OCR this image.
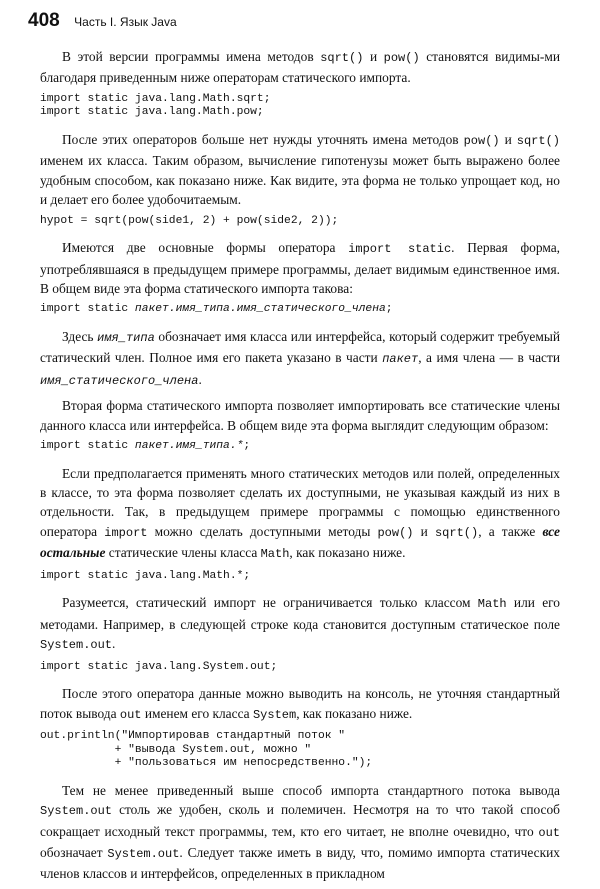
408 Часть I. Язык Java

В этой версии программы имена методов sqrt() и pow() становятся видимы-ми благодаря приведенным ниже операторам статического импорта.

import static java.lang.Math.sqrt;
import static java.lang.Math.pow;

После этих операторов больше нет нужды уточнять имена методов pow() и sqrt() именем их класса. Таким образом, вычисление гипотенузы может быть выражено более удобным способом, как показано ниже. Как видите, эта форма не только упрощает код, но и делает его более удобочитаемым.

hypot = sqrt(pow(side1, 2) + pow(side2, 2));

Имеются две основные формы оператора import static. Первая форма, употреблявшаяся в предыдущем примере программы, делает видимым единственное имя. В общем виде эта форма статического импорта такова:

import static пакет.имя_типа.имя_статического_члена;

Здесь имя_типа обозначает имя класса или интерфейса, который содержит требуемый статический член. Полное имя его пакета указано в части пакет, а имя члена — в части имя_статического_члена.

Вторая форма статического импорта позволяет импортировать все статические члены данного класса или интерфейса. В общем виде эта форма выглядит следующим образом:

import static пакет.имя_типа.*;

Если предполагается применять много статических методов или полей, определенных в классе, то эта форма позволяет сделать их доступными, не указывая каждый из них в отдельности. Так, в предыдущем примере программы с помощью единственного оператора import можно сделать доступными методы pow() и sqrt(), а также все остальные статические члены класса Math, как показано ниже.

import static java.lang.Math.*;

Разумеется, статический импорт не ограничивается только классом Math или его методами. Например, в следующей строке кода становится доступным статическое поле System.out.

import static java.lang.System.out;

После этого оператора данные можно выводить на консоль, не уточняя стандартный поток вывода out именем его класса System, как показано ниже.

out.println("Импортировав стандартный поток "
+ "вывода System.out, можно "
+ "пользоваться им непосредственно.");

Тем не менее приведенный выше способ импорта стандартного потока вывода System.out столь же удобен, сколь и полемичен. Несмотря на то что такой способ сокращает исходный текст программы, тем, кто его читает, не вполне очевидно, что out обозначает System.out. Следует также иметь в виду, что, помимо импорта статических членов классов и интерфейсов, определенных в прикладном
